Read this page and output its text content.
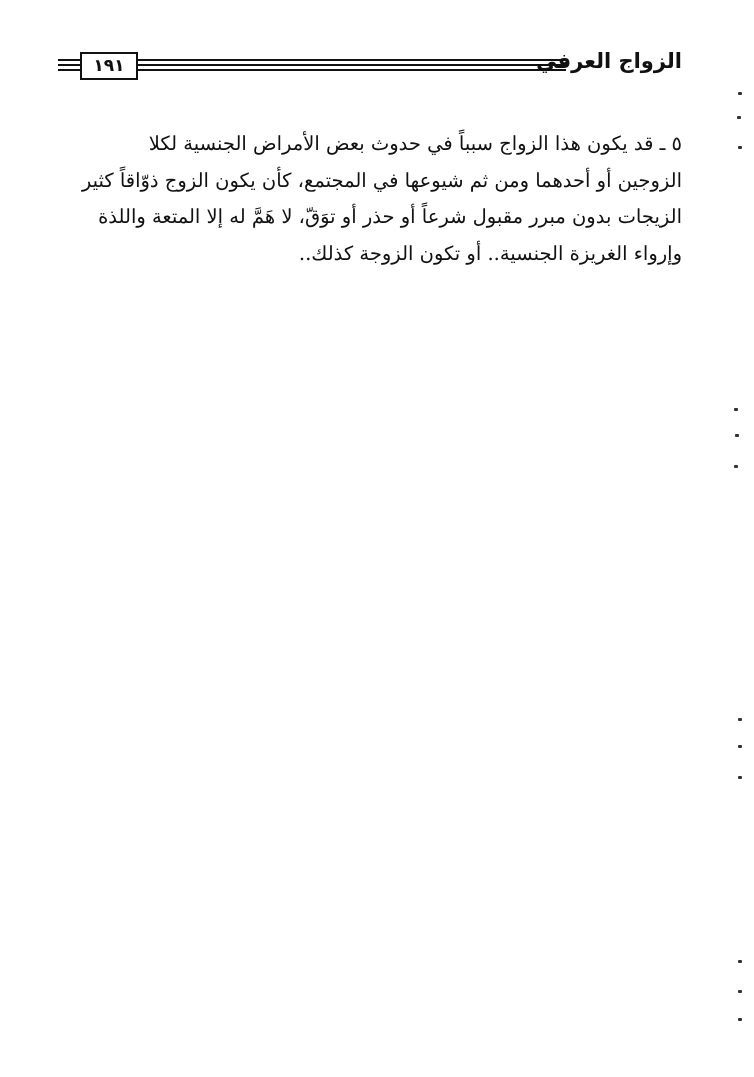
١٩١	الزواج العرفي
٥ ـ قد يكون هذا الزواج سبباً في حدوث بعض الأمراض الجنسية لكلا
الزوجين أو أحدهما ومن ثم شيوعها في المجتمع، كأن يكون الزوج ذوّاقاً كثير
الزيجات بدون مبرر مقبول شرعاً أو حذر أو توَقّ، لا هَمَّ له إلا المتعة واللذة
وإرواء الغريزة الجنسية.. أو تكون الزوجة كذلك..
